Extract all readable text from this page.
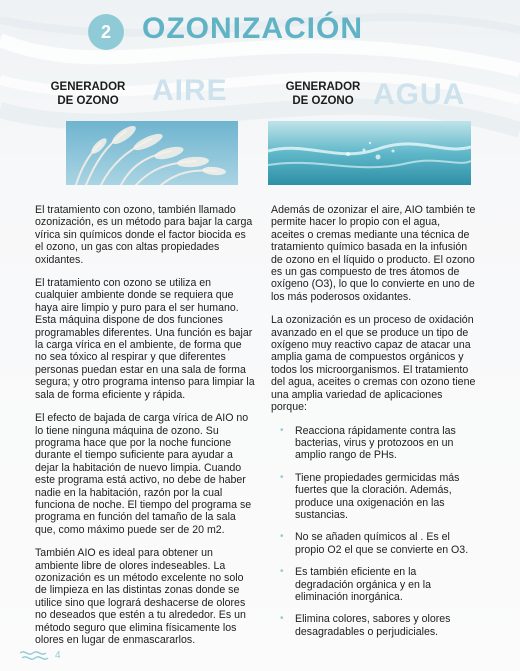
2	OZONIZACIÓN
GENERADOR DE OZONO	AIRE	GENERADOR DE OZONO AGUA

El tratamiento con ozono, también llamado ozonización, es un método para bajar la carga vírica sin químicos donde el factor biocida es el ozono, un gas con altas propiedades oxidantes.

El tratamiento con ozono se utiliza en cualquier ambiente donde se requiera que haya aire limpio y puro para el ser humano. Esta máquina dispone de dos funciones programables diferentes. Una función es bajar la carga vírica en el ambiente, de forma que no sea tóxico al respirar y que diferentes personas puedan estar en una sala de forma segura; y otro programa intenso para limpiar la sala de forma eficiente y rápida.

El efecto de bajada de carga vírica de AIO no lo tiene ninguna máquina de ozono. Su programa hace que por la noche funcione durante el tiempo suficiente para ayudar a dejar la habitación de nuevo limpia. Cuando este programa está activo, no debe de haber nadie en la habitación, razón por la cual funciona de noche. El tiempo del programa se programa en función del tamaño de la sala que, como máximo puede ser de 20 m2.

También AIO es ideal para obtener un ambiente libre de olores indeseables. La ozonización es un método excelente no solo de limpieza en las distintas zonas donde se utilice sino que logrará deshacerse de olores no deseados que estén a tu alrededor. Es un método seguro que elimina físicamente los olores en lugar de enmascararlos.

Además de ozonizar el aire, AIO también te permite hacer lo propio con el agua, aceites o cremas mediante una técnica de tratamiento químico basada en la infusión de ozono en el líquido o producto. El ozono es un gas compuesto de tres átomos de oxígeno (O3), lo que lo convierte en uno de los más poderosos oxidantes.

La ozonización es un proceso de oxidación avanzado en el que se produce un tipo de oxígeno muy reactivo capaz de atacar una amplia gama de compuestos orgánicos y todos los microorganismos. El tratamiento del agua, aceites o cremas con ozono tiene una amplia variedad de aplicaciones porque:

• Reacciona rápidamente contra las bacterias, virus y protozoos en un amplio rango de PHs.
• Tiene propiedades germicidas más fuertes que la cloración. Además, produce una oxigenación en las sustancias.
• No se añaden químicos al . Es el propio O2 el que se convierte en O3.
• Es también eficiente en la degradación orgánica y en la eliminación inorgánica.
• Elimina colores, sabores y olores desagradables o perjudiciales.
4
